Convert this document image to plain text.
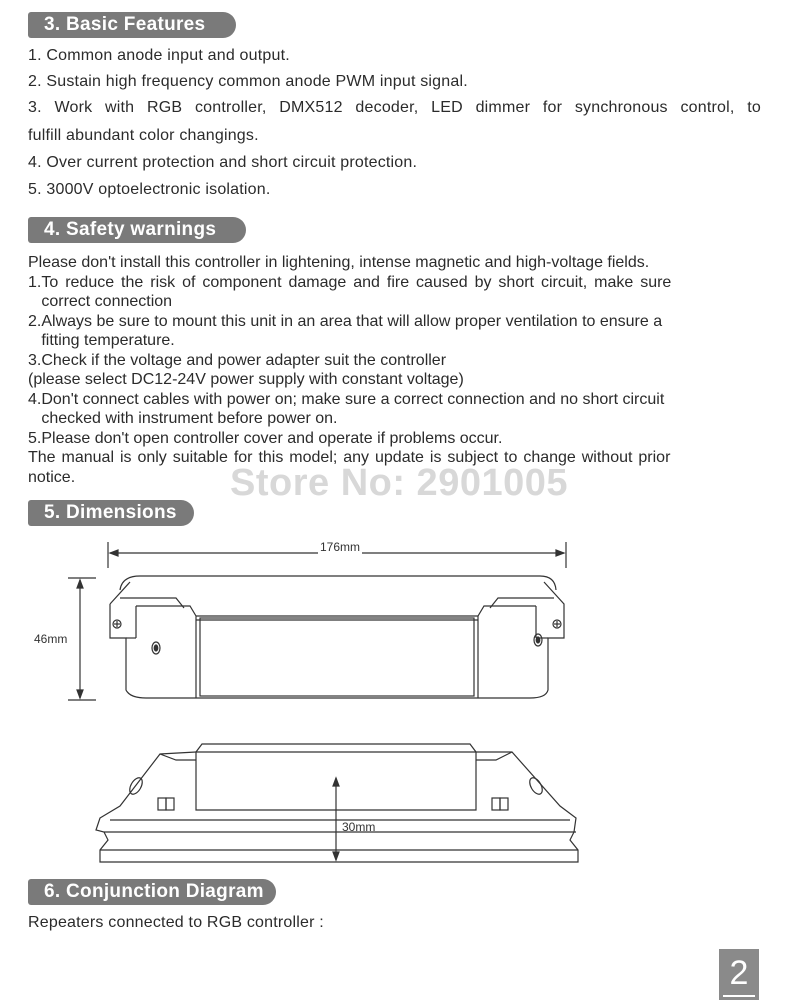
3. Basic Features
1. Common anode input and output.
2. Sustain high frequency common anode PWM input signal.
3. Work with RGB controller, DMX512 decoder, LED dimmer for synchronous control, to
fulfill abundant color changings.
4. Over current protection and short circuit protection.
5. 3000V optoelectronic isolation.
4. Safety warnings
Please don't install this controller in lightening, intense magnetic and high-voltage fields.
1.To reduce the risk of component damage and fire caused by short circuit, make sure
correct connection
2.Always be sure to mount this unit in an area that will allow proper ventilation to ensure a
fitting temperature.
3.Check if the voltage and power adapter suit the controller
(please select DC12-24V power supply with constant voltage)
4.Don't connect cables with power on; make sure a correct connection and no short circuit
checked with instrument before power on.
5.Please don't open controller cover and operate if problems occur.
The manual is only suitable for this model; any update is subject to change without prior
notice.	Store No: 2901005
5. Dimensions
176mm
46mm
30mm
6. Conjunction Diagram
Repeaters connected to RGB controller :
2
